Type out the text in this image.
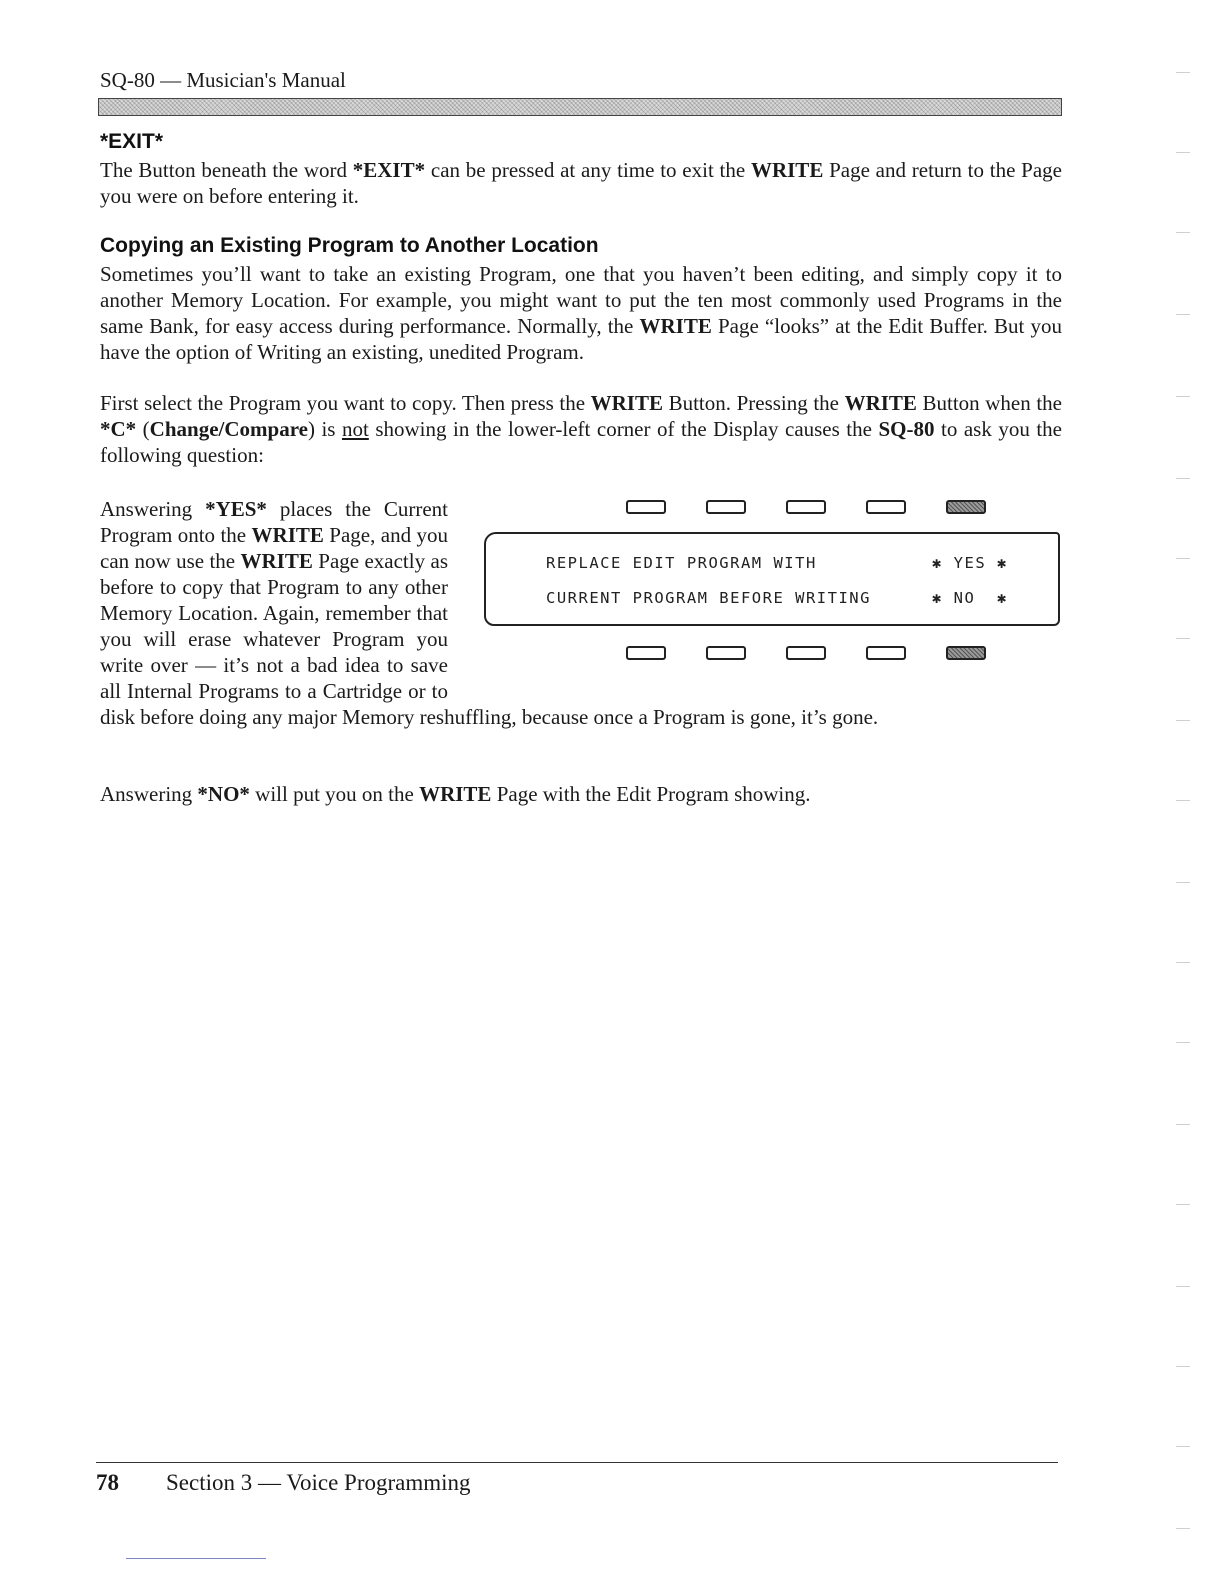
SQ-80 — Musician's Manual
*EXIT*

The Button beneath the word *EXIT* can be pressed at any time to exit the WRITE Page and return to the Page you were on before entering it.

Copying an Existing Program to Another Location

Sometimes you’ll want to take an existing Program, one that you haven’t been editing, and simply copy it to another Memory Location. For example, you might want to put the ten most commonly used Programs in the same Bank, for easy access during performance. Normally, the WRITE Page “looks” at the Edit Buffer. But you have the option of Writing an existing, unedited Program.

First select the Program you want to copy. Then press the WRITE Button. Pressing the WRITE Button when the *C* (Change/Compare) is not showing in the lower-left corner of the Display causes the SQ-80 to ask you the following question:

Answering *YES* places the Current Program onto the WRITE Page, and you can now use the WRITE Page exactly as before to copy that Program to any other Memory Location. Again, remember that you will erase whatever Program you write over — it’s not a bad idea to save all Internal Programs to a Cartridge or to disk before doing any major Memory reshuffling, because once a Program is gone, it’s gone.

Answering *NO* will put you on the WRITE Page with the Edit Program showing.

REPLACE EDIT PROGRAM WITH	✱ YES ✱
CURRENT PROGRAM BEFORE WRITING	✱ NO  ✱
78 Section 3 — Voice Programming
